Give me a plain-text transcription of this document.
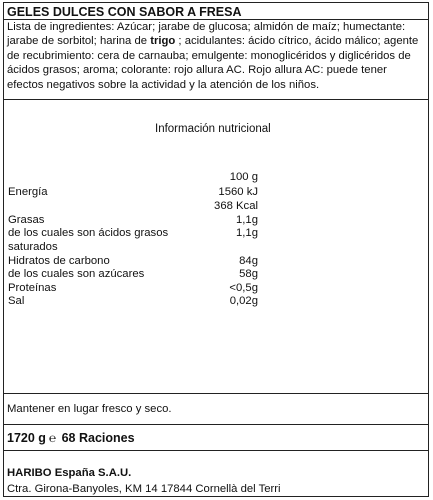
GELES DULCES CON SABOR A FRESA
Lista de ingredientes: Azúcar; jarabe de glucosa; almidón de maíz; humectante: jarabe de sorbitol; harina de trigo ; acidulantes: ácido cítrico, ácido málico; agente de recubrimiento: cera de carnauba; emulgente: monoglicéridos y diglicéridos de ácidos grasos; aroma; colorante: rojo allura AC. Rojo allura AC: puede tener efectos negativos sobre la actividad y la atención de los niños.
Información nutricional
100 g
Energía	1560 kJ
368 Kcal
Grasas	1,1g
de los cuales son ácidos grasos	1,1g
saturados
Hidratos de carbono	84g
de los cuales son azúcares	58g
Proteínas	<0,5g
Sal	0,02g
Mantener en lugar fresco y seco.
1720 g ℮ 68 Raciones
HARIBO España S.A.U.
Ctra. Girona-Banyoles, KM 14 17844 Cornellà del Terri
